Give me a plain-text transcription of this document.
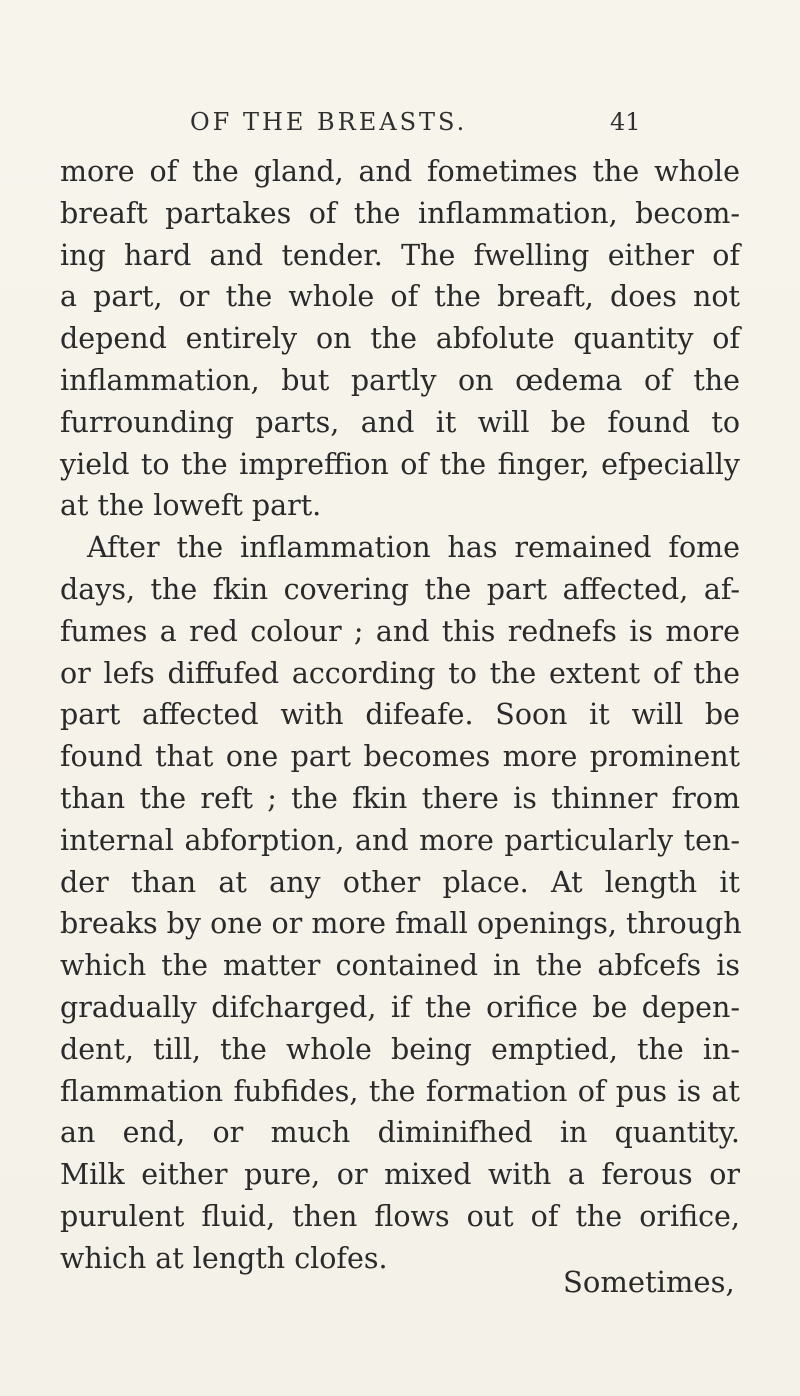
OF THE BREASTS.	41
more of the gland, and fometimes the whole
breaft partakes of the inflammation, becom-
ing hard and tender. The fwelling either of
a part, or the whole of the breaft, does not
depend entirely on the abfolute quantity of
inflammation, but partly on œdema of the
furrounding parts, and it will be found to
yield to the impreffion of the finger, efpecially
at the loweft part.
After the inflammation has remained fome
days, the fkin covering the part affected, af-
fumes a red colour ; and this rednefs is more
or lefs diffufed according to the extent of the
part affected with difeafe. Soon it will be
found that one part becomes more prominent
than the reft ; the fkin there is thinner from
internal abforption, and more particularly ten-
der than at any other place. At length it
breaks by one or more fmall openings, through
which the matter contained in the abfcefs is
gradually difcharged, if the orifice be depen-
dent, till, the whole being emptied, the in-
flammation fubfides, the formation of pus is at
an end, or much diminifhed in quantity.
Milk either pure, or mixed with a ferous or
purulent fluid, then flows out of the orifice,
which at length clofes.
Sometimes,
